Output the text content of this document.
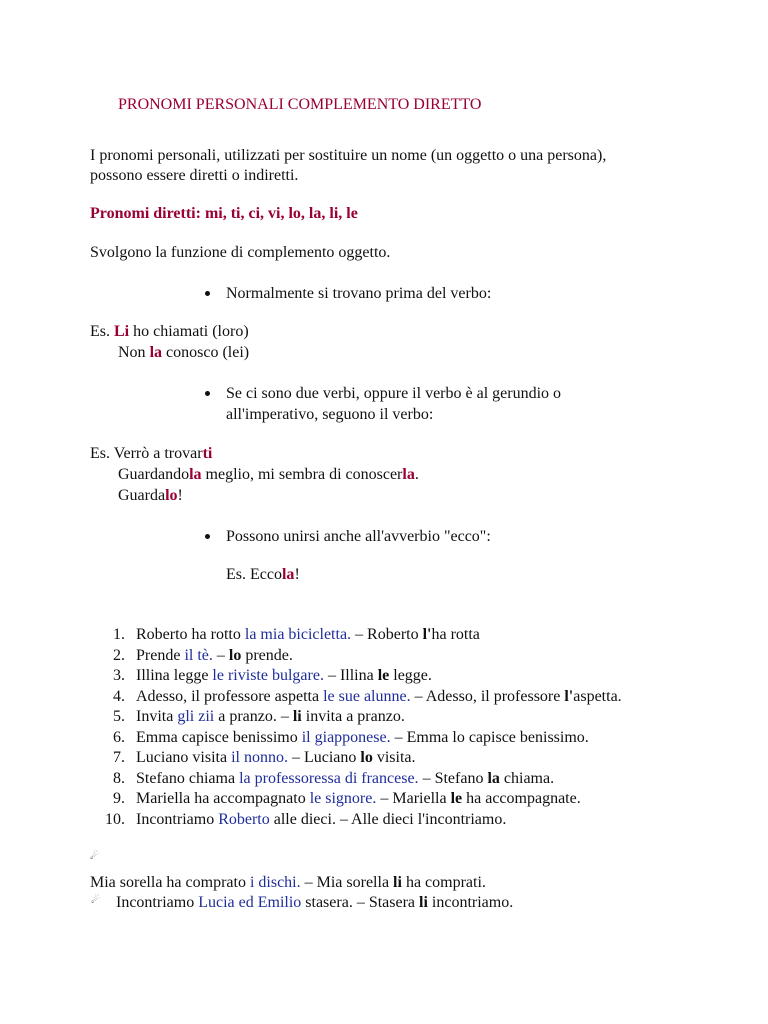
PRONOMI PERSONALI COMPLEMENTO DIRETTO
I pronomi personali, utilizzati per sostituire un nome (un oggetto o una persona),
possono essere diretti o indiretti.
Pronomi diretti: mi, ti, ci, vi, lo, la, li, le
Svolgono la funzione di complemento oggetto.
Normalmente si trovano prima del verbo:
Es. Li ho chiamati (loro)
Non la conosco (lei)
Se ci sono due verbi, oppure il verbo è al gerundio o
all'imperativo, seguono il verbo:
Es. Verrò a trovarti
Guardandola meglio, mi sembra di conoscerla.
Guardalo!
Possono unirsi anche all'avverbio "ecco":
Es. Eccola!
1. Roberto ha rotto la mia bicicletta. – Roberto l'ha rotta
2. Prende il tè. – lo prende.
3. Illina legge le riviste bulgare. – Illina le legge.
4. Adesso, il professore aspetta le sue alunne. – Adesso, il professore l'aspetta.
5. Invita gli zii a pranzo. – li invita a pranzo.
6. Emma capisce benissimo il giapponese. – Emma lo capisce benissimo.
7. Luciano visita il nonno. – Luciano lo visita.
8. Stefano chiama la professoressa di francese. – Stefano la chiama.
9. Mariella ha accompagnato le signore. – Mariella le ha accompagnate.
10. Incontriamo Roberto alle dieci. – Alle dieci l'incontriamo.
☄
Mia sorella ha comprato i dischi. – Mia sorella li ha comprati.
Incontriamo Lucia ed Emilio stasera. – Stasera li incontriamo.
☄
